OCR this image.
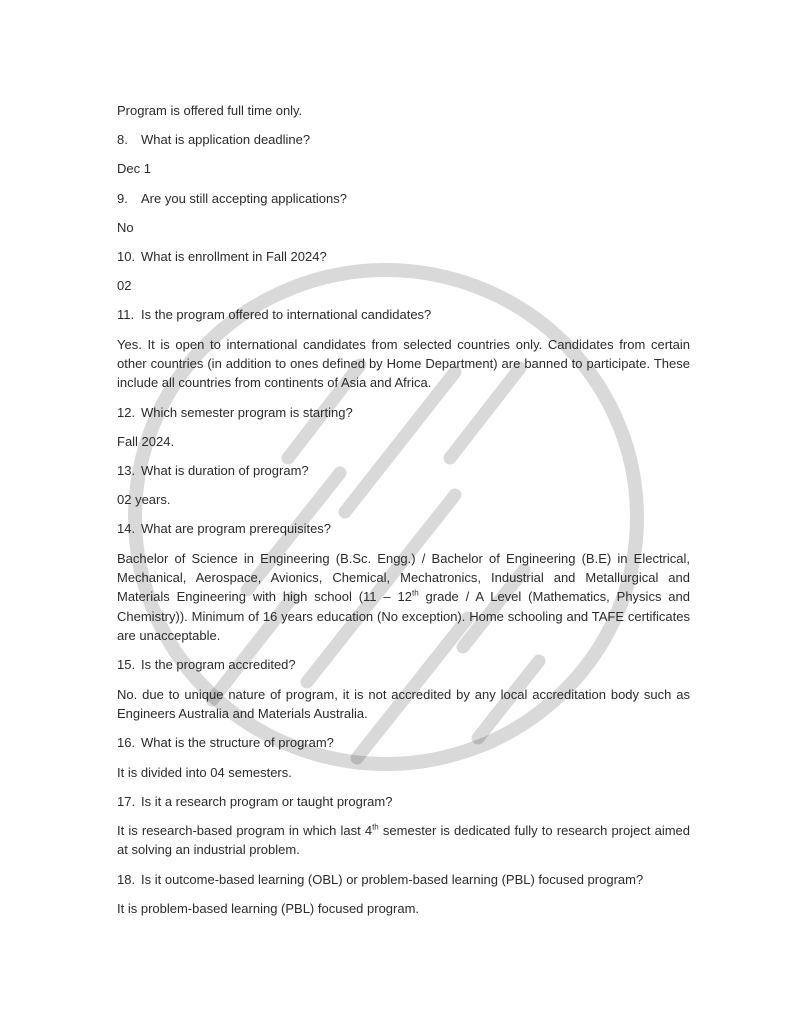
Program is offered full time only.

8. What is application deadline?

Dec 1

9. Are you still accepting applications?

No

10. What is enrollment in Fall 2024?

02

11. Is the program offered to international candidates?

Yes. It is open to international candidates from selected countries only. Candidates from certain other countries (in addition to ones defined by Home Department) are banned to participate. These include all countries from continents of Asia and Africa.

12. Which semester program is starting?

Fall 2024.

13. What is duration of program?

02 years.

14. What are program prerequisites?

Bachelor of Science in Engineering (B.Sc. Engg.) / Bachelor of Engineering (B.E) in Electrical, Mechanical, Aerospace, Avionics, Chemical, Mechatronics, Industrial and Metallurgical and Materials Engineering with high school (11 – 12th grade / A Level (Mathematics, Physics and Chemistry)). Minimum of 16 years education (No exception). Home schooling and TAFE certificates are unacceptable.

15. Is the program accredited?

No. due to unique nature of program, it is not accredited by any local accreditation body such as Engineers Australia and Materials Australia.

16. What is the structure of program?

It is divided into 04 semesters.

17. Is it a research program or taught program?

It is research-based program in which last 4th semester is dedicated fully to research project aimed at solving an industrial problem.

18. Is it outcome-based learning (OBL) or problem-based learning (PBL) focused program?

It is problem-based learning (PBL) focused program.
